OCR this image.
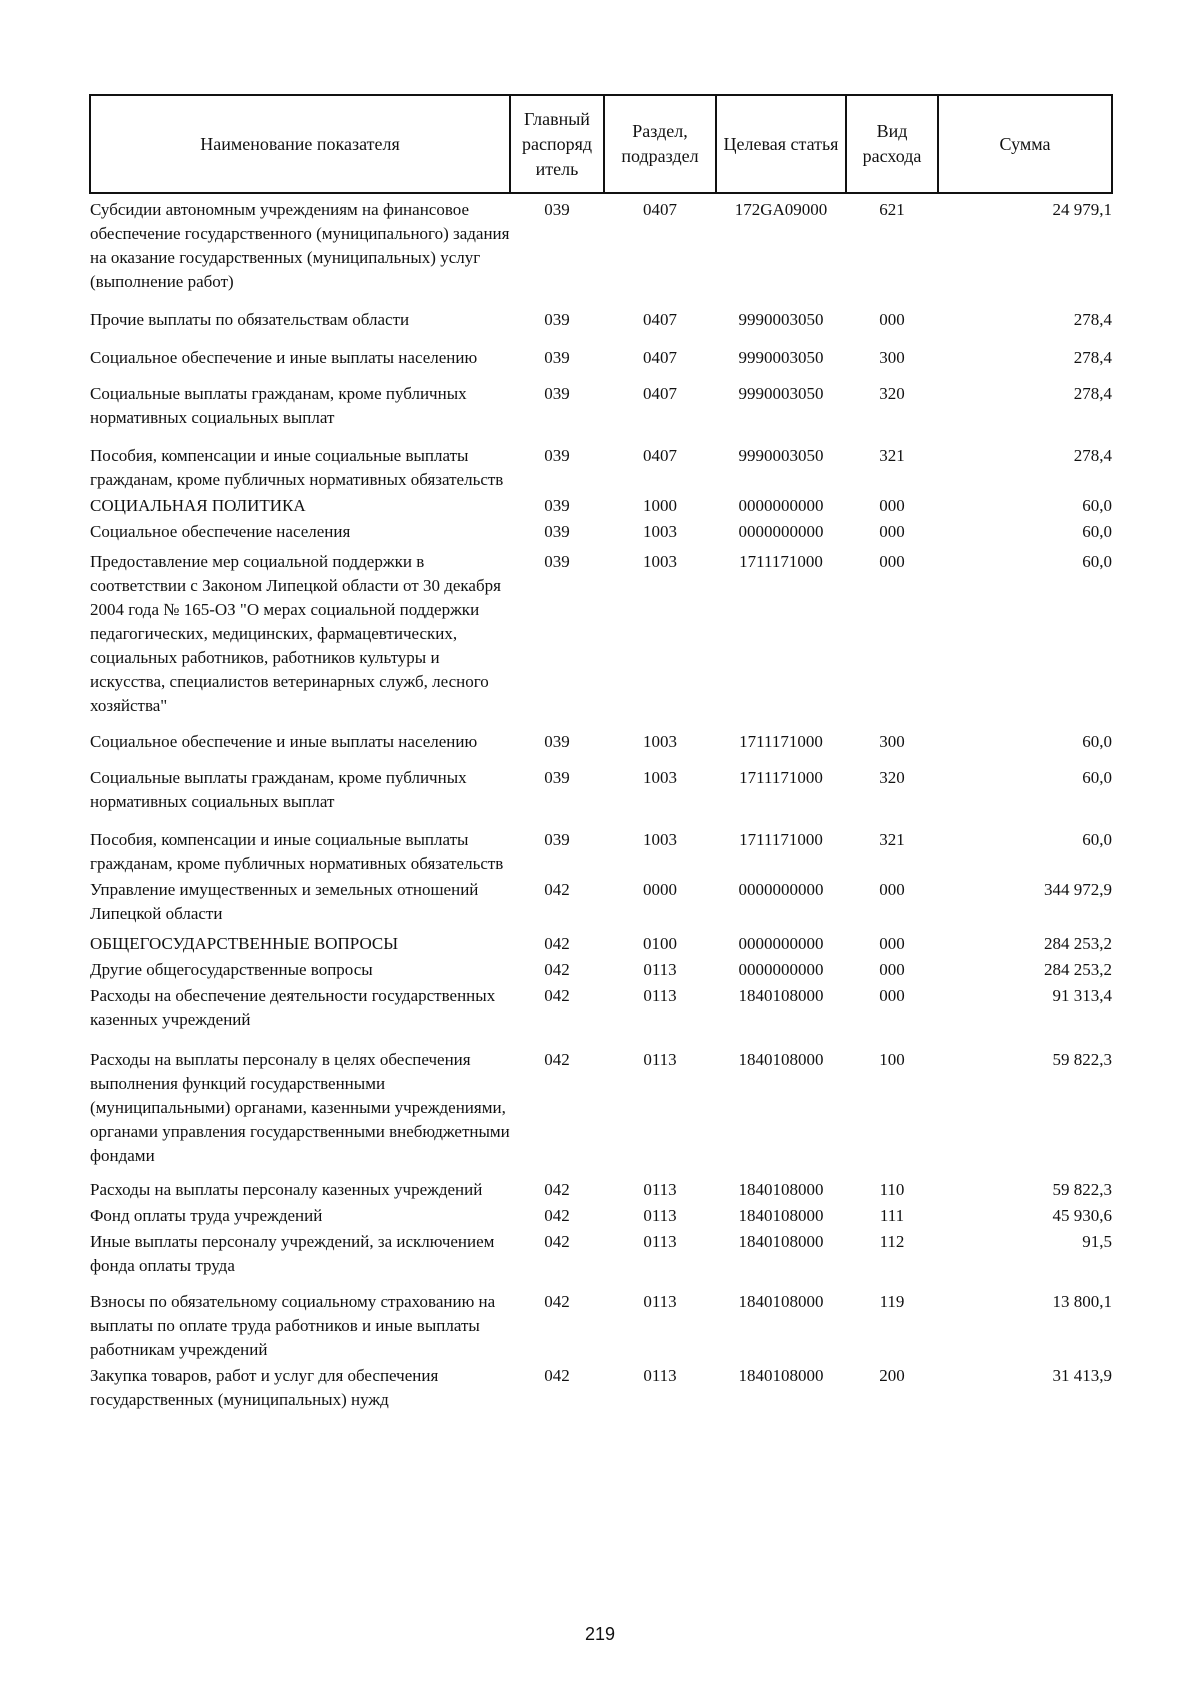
Наименование показателя	Главный распоряд итель	Раздел, подраздел	Целевая статья	Вид расхода	Сумма
Субсидии автономным учреждениям на финансовое обеспечение государственного (муниципального) задания на оказание государственных (муниципальных) услуг (выполнение работ)	039	0407	172GA09000	621	24 979,1
Прочие выплаты по обязательствам области	039	0407	9990003050	000	278,4
Социальное обеспечение и иные выплаты населению	039	0407	9990003050	300	278,4
Социальные выплаты гражданам, кроме публичных нормативных социальных выплат	039	0407	9990003050	320	278,4
Пособия, компенсации и иные социальные выплаты гражданам, кроме публичных нормативных обязательств	039	0407	9990003050	321	278,4
СОЦИАЛЬНАЯ ПОЛИТИКА	039	1000	0000000000	000	60,0
Социальное обеспечение населения	039	1003	0000000000	000	60,0
Предоставление мер социальной поддержки в соответствии с Законом Липецкой области от 30 декабря 2004 года № 165-ОЗ "О мерах социальной поддержки педагогических, медицинских, фармацевтических, социальных работников, работников культуры и искусства, специалистов ветеринарных служб, лесного хозяйства"	039	1003	1711171000	000	60,0
Социальное обеспечение и иные выплаты населению	039	1003	1711171000	300	60,0
Социальные выплаты гражданам, кроме публичных нормативных социальных выплат	039	1003	1711171000	320	60,0
Пособия, компенсации и иные социальные выплаты гражданам, кроме публичных нормативных обязательств	039	1003	1711171000	321	60,0
Управление имущественных и земельных отношений Липецкой области	042	0000	0000000000	000	344 972,9
ОБЩЕГОСУДАРСТВЕННЫЕ ВОПРОСЫ	042	0100	0000000000	000	284 253,2
Другие общегосударственные вопросы	042	0113	0000000000	000	284 253,2
Расходы на обеспечение деятельности государственных казенных учреждений	042	0113	1840108000	000	91 313,4
Расходы на выплаты персоналу в целях обеспечения выполнения функций государственными (муниципальными) органами, казенными учреждениями, органами управления государственными внебюджетными фондами	042	0113	1840108000	100	59 822,3
Расходы на выплаты персоналу казенных учреждений	042	0113	1840108000	110	59 822,3
Фонд оплаты труда учреждений	042	0113	1840108000	111	45 930,6
Иные выплаты персоналу учреждений, за исключением фонда оплаты труда	042	0113	1840108000	112	91,5
Взносы по обязательному социальному страхованию на выплаты по оплате труда работников и иные выплаты работникам учреждений	042	0113	1840108000	119	13 800,1
Закупка товаров, работ и услуг для обеспечения государственных (муниципальных) нужд	042	0113	1840108000	200	31 413,9
219
